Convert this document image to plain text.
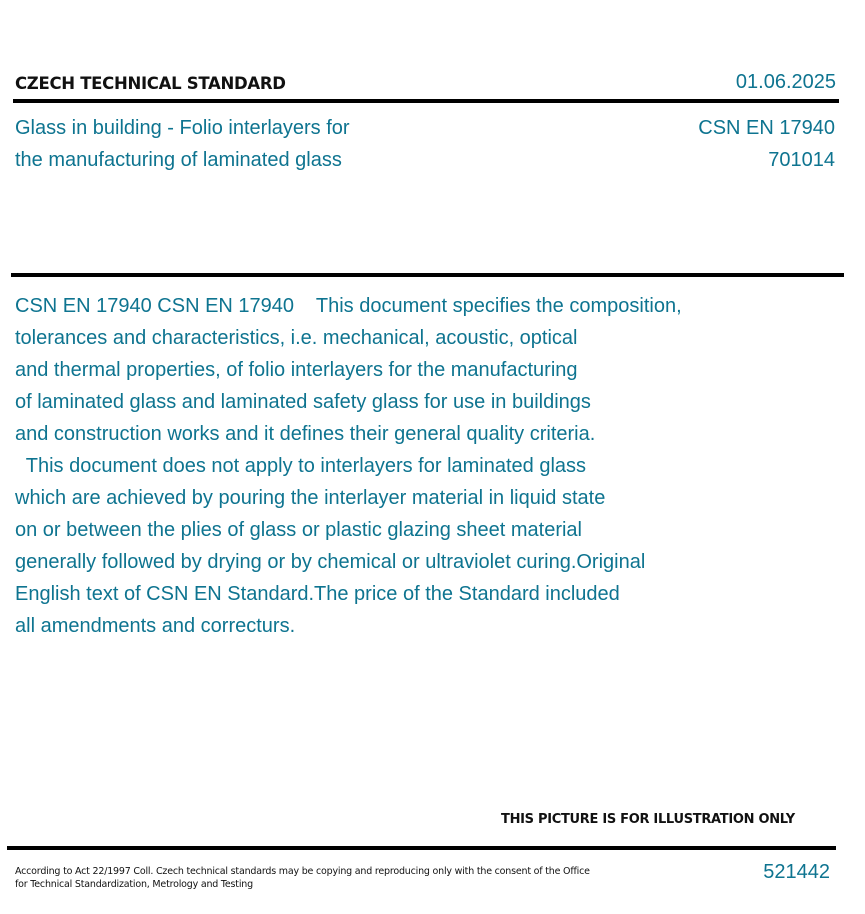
CZECH TECHNICAL STANDARD	01.06.2025
Glass in building - Folio interlayers for
the manufacturing of laminated glass
CSN EN 17940
701014
CSN EN 17940 CSN EN 17940    This document specifies the composition,
tolerances and characteristics, i.e. mechanical, acoustic, optical
and thermal properties, of folio interlayers for the manufacturing
of laminated glass and laminated safety glass for use in buildings
and construction works and it defines their general quality criteria.
This document does not apply to interlayers for laminated glass
which are achieved by pouring the interlayer material in liquid state
on or between the plies of glass or plastic glazing sheet material
generally followed by drying or by chemical or ultraviolet curing.Original
English text of CSN EN Standard.The price of the Standard included
all amendments and correcturs.
THIS PICTURE IS FOR ILLUSTRATION ONLY
According to Act 22/1997 Coll. Czech technical standards may be copying and reproducing only with the consent of the Office
for Technical Standardization, Metrology and Testing
521442
